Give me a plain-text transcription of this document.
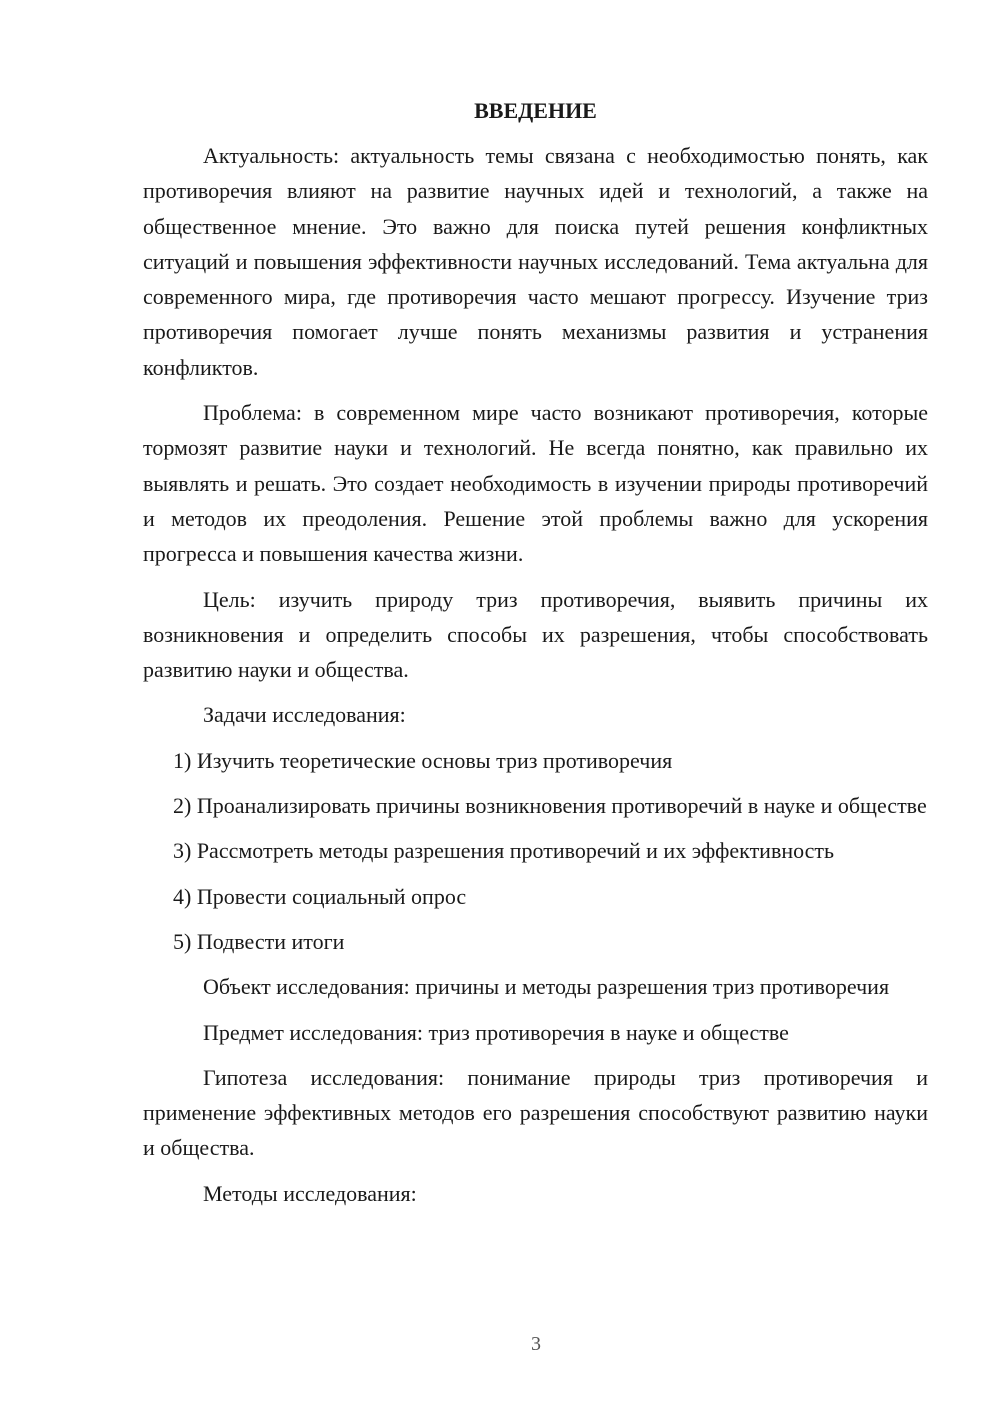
ВВЕДЕНИЕ

Актуальность: актуальность темы связана с необходимостью понять, как противоречия влияют на развитие научных идей и технологий, а также на общественное мнение. Это важно для поиска путей решения конфликтных ситуаций и повышения эффективности научных исследований. Тема актуальна для современного мира, где противоречия часто мешают прогрессу. Изучение триз противоречия помогает лучше понять механизмы развития и устранения конфликтов.

Проблема: в современном мире часто возникают противоречия, которые тормозят развитие науки и технологий. Не всегда понятно, как правильно их выявлять и решать. Это создает необходимость в изучении природы противоречий и методов их преодоления. Решение этой проблемы важно для ускорения прогресса и повышения качества жизни.

Цель: изучить природу триз противоречия, выявить причины их возникновения и определить способы их разрешения, чтобы способствовать развитию науки и общества.

Задачи исследования:

1) Изучить теоретические основы триз противоречия

2) Проанализировать причины возникновения противоречий в науке и обществе

3) Рассмотреть методы разрешения противоречий и их эффективность

4) Провести социальный опрос

5) Подвести итоги

Объект исследования: причины и методы разрешения триз противоречия

Предмет исследования: триз противоречия в науке и обществе

Гипотеза исследования: понимание природы триз противоречия и применение эффективных методов его разрешения способствуют развитию науки и общества.

Методы исследования:

3
